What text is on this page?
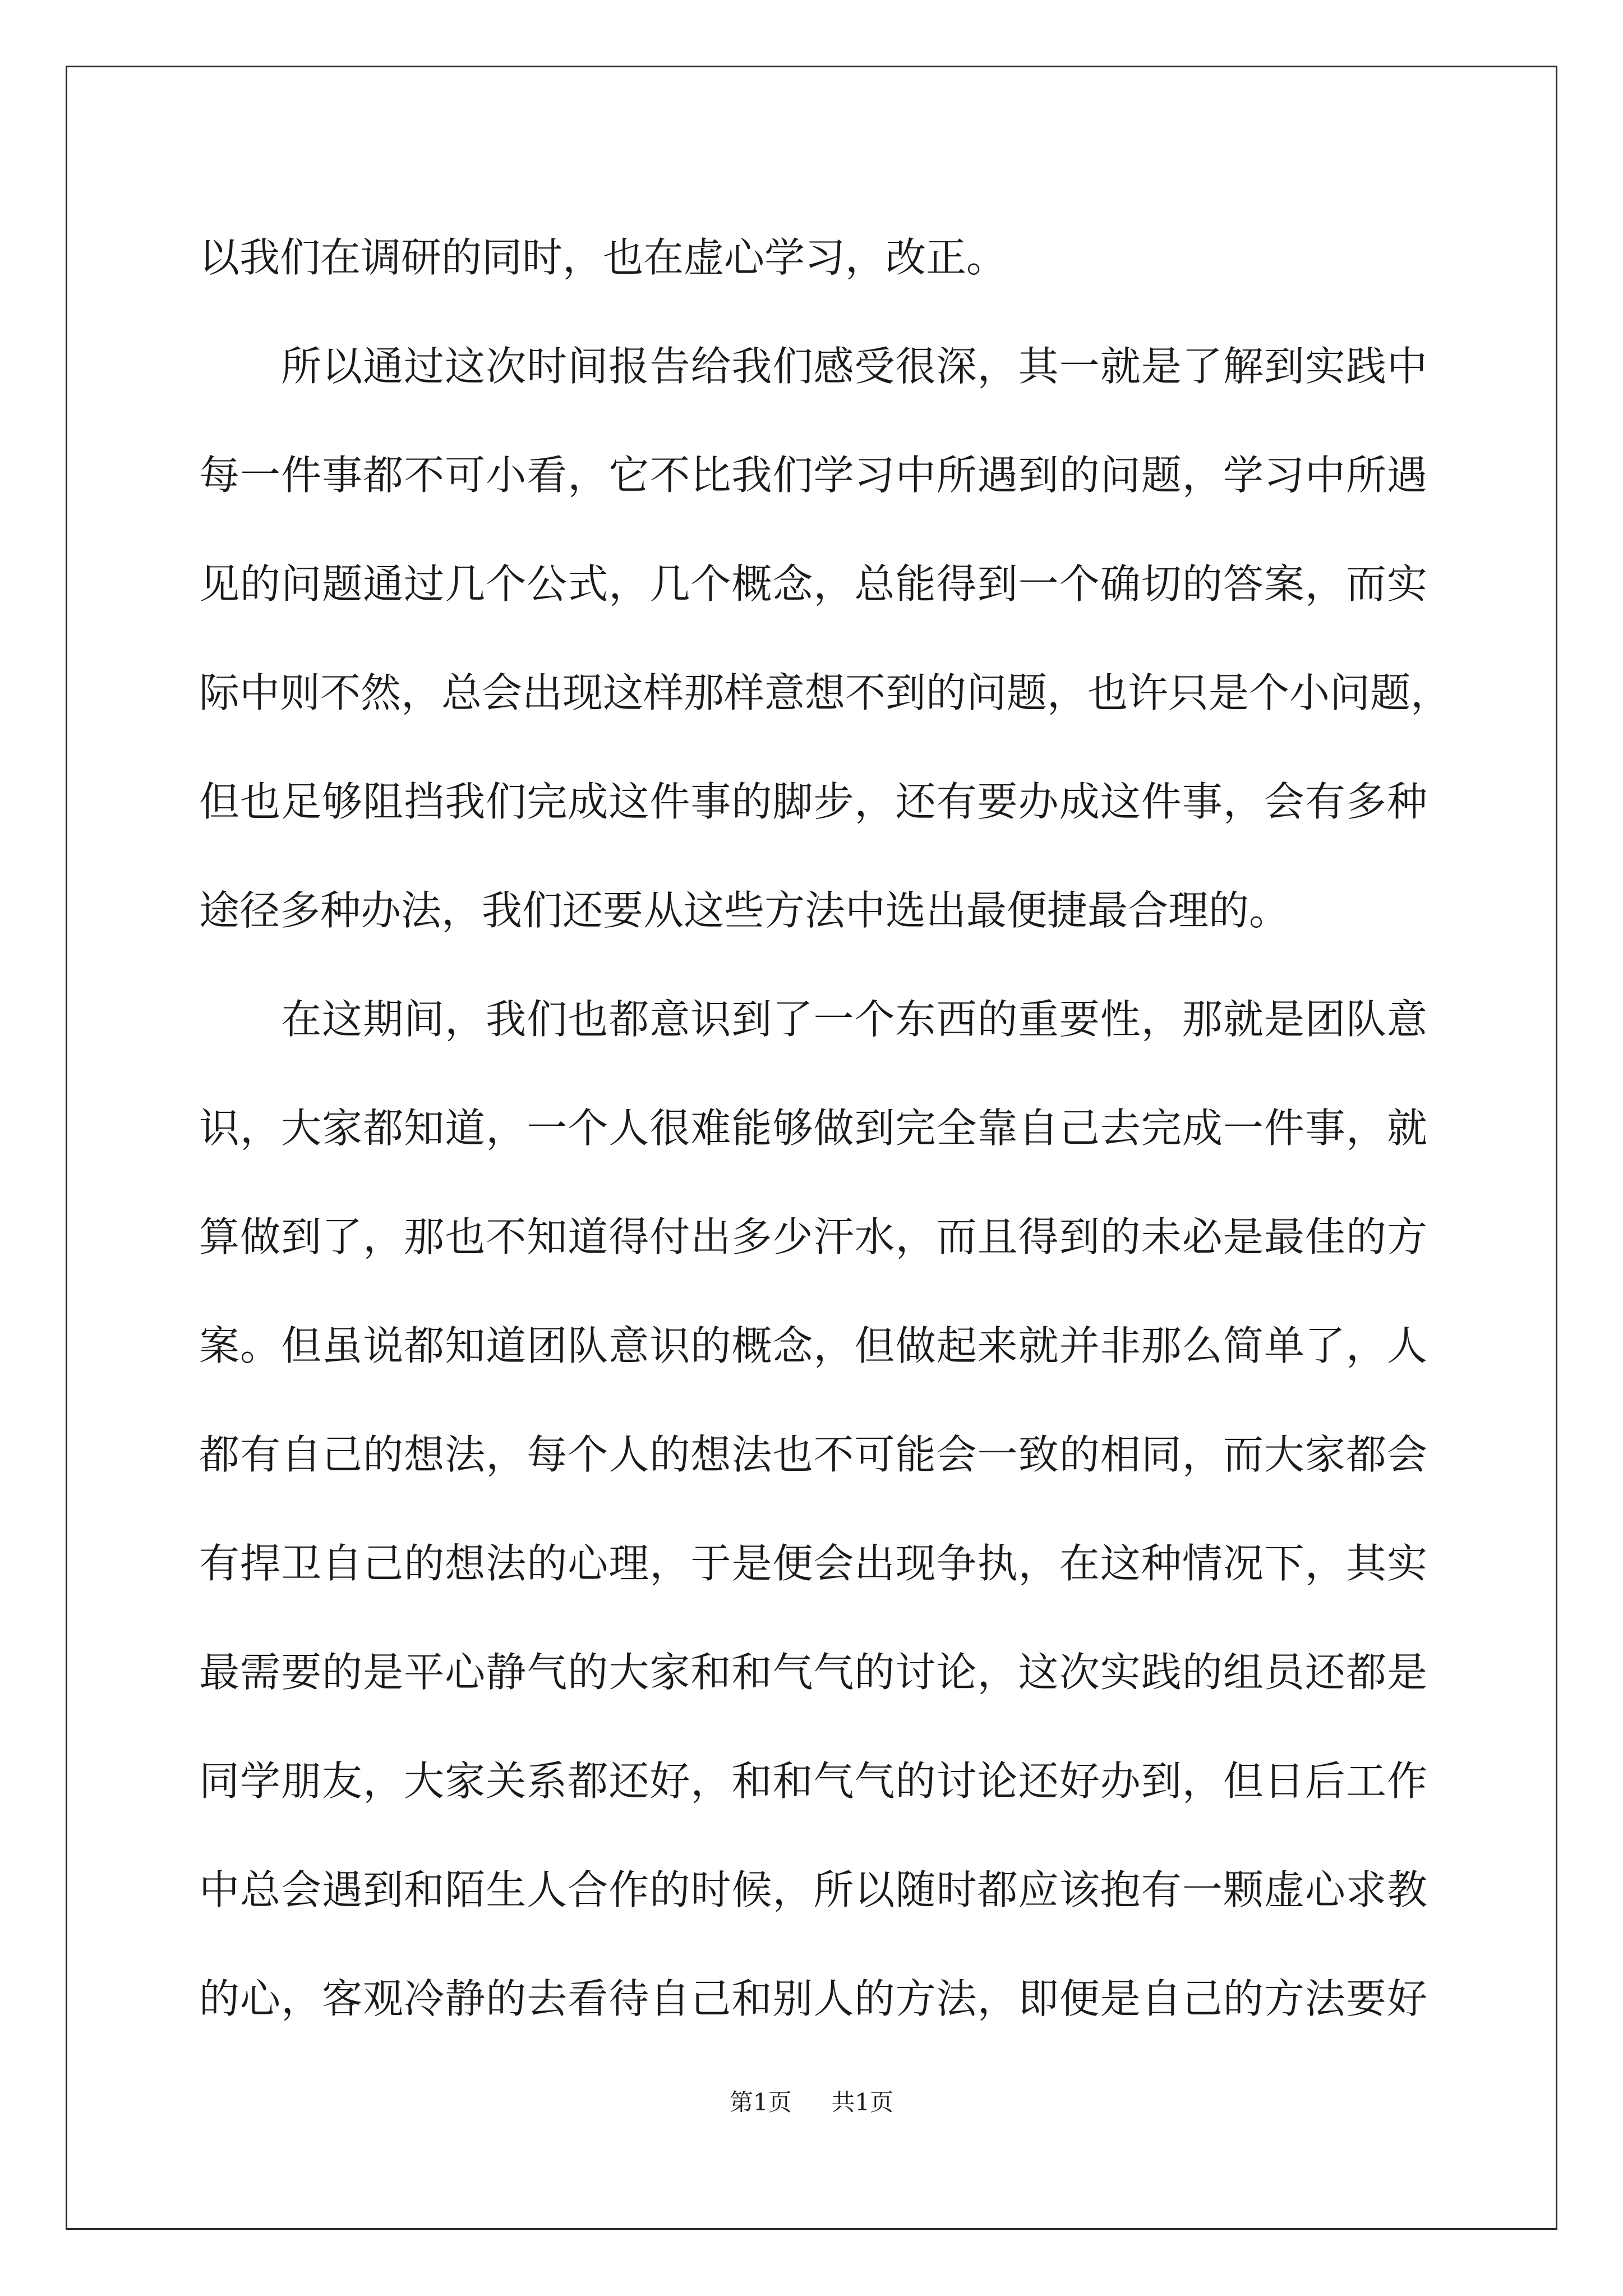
以我们在调研的同时，也在虚心学习，改正。
所以通过这次时间报告给我们感受很深，其一就是了解到实践中
每一件事都不可小看，它不比我们学习中所遇到的问题，学习中所遇
见的问题通过几个公式，几个概念，总能得到一个确切的答案，而实
际中则不然，总会出现这样那样意想不到的问题，也许只是个小问题，
但也足够阻挡我们完成这件事的脚步，还有要办成这件事，会有多种
途径多种办法，我们还要从这些方法中选出最便捷最合理的。
在这期间，我们也都意识到了一个东西的重要性，那就是团队意
识，大家都知道，一个人很难能够做到完全靠自己去完成一件事，就
算做到了，那也不知道得付出多少汗水，而且得到的未必是最佳的方
案。但虽说都知道团队意识的概念，但做起来就并非那么简单了，人
都有自己的想法，每个人的想法也不可能会一致的相同，而大家都会
有捍卫自己的想法的心理，于是便会出现争执，在这种情况下，其实
最需要的是平心静气的大家和和气气的讨论，这次实践的组员还都是
同学朋友，大家关系都还好，和和气气的讨论还好办到，但日后工作
中总会遇到和陌生人合作的时候，所以随时都应该抱有一颗虚心求教
的心，客观冷静的去看待自己和别人的方法，即便是自己的方法要好
第1页 共1页
